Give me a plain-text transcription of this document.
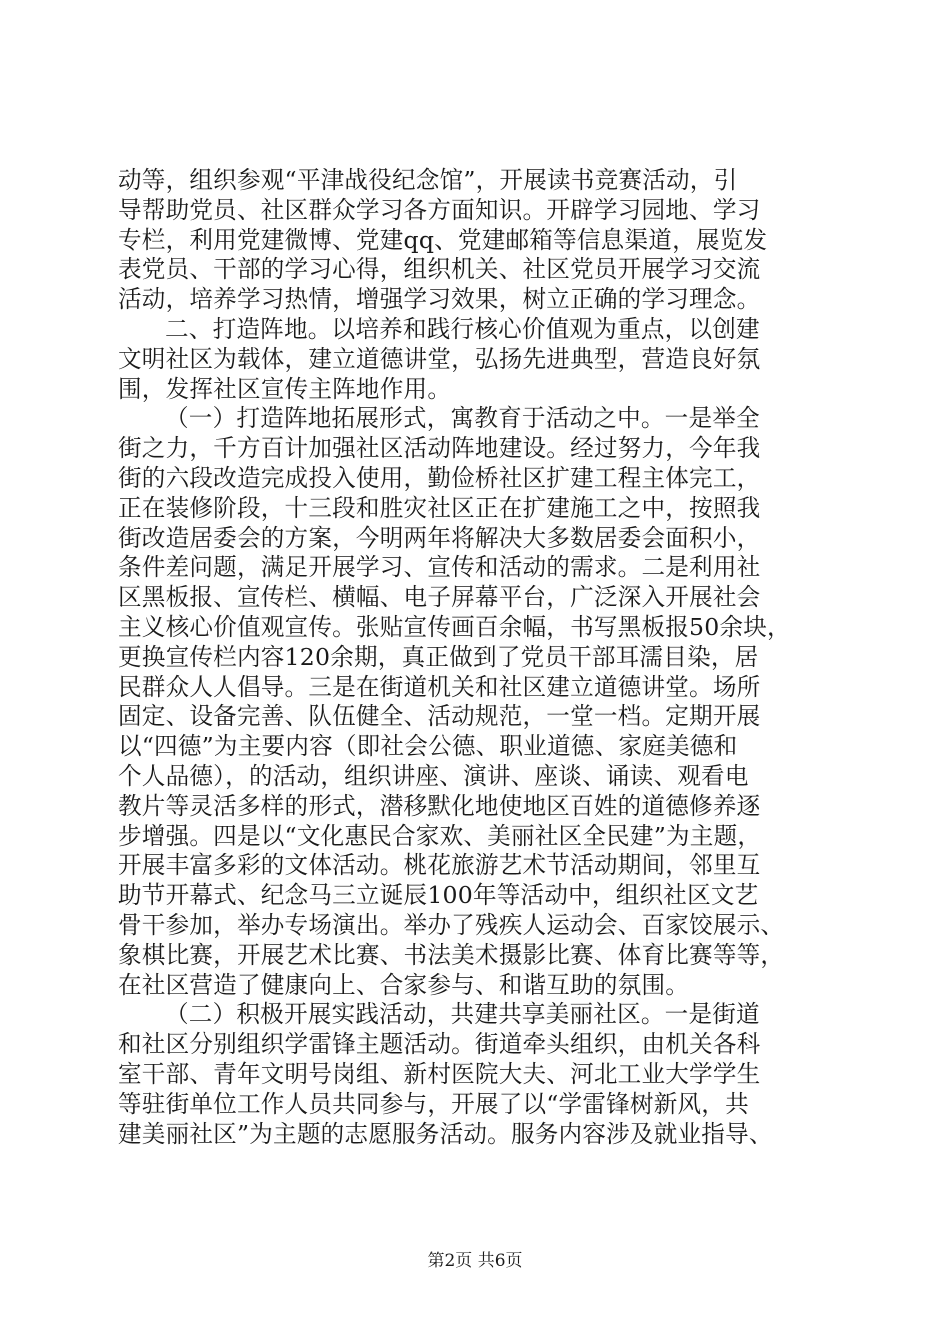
动等，组织参观“平津战役纪念馆”，开展读书竞赛活动，引
导帮助党员、社区群众学习各方面知识。开辟学习园地、学习
专栏，利用党建微博、党建qq、党建邮箱等信息渠道，展览发
表党员、干部的学习心得，组织机关、社区党员开展学习交流
活动，培养学习热情，增强学习效果，树立正确的学习理念。
二、打造阵地。以培养和践行核心价值观为重点，以创建
文明社区为载体，建立道德讲堂，弘扬先进典型，营造良好氛
围，发挥社区宣传主阵地作用。
（一）打造阵地拓展形式，寓教育于活动之中。一是举全
街之力，千方百计加强社区活动阵地建设。经过努力，今年我
街的六段改造完成投入使用，勤俭桥社区扩建工程主体完工，
正在装修阶段，十三段和胜灾社区正在扩建施工之中，按照我
街改造居委会的方案，今明两年将解决大多数居委会面积小，
条件差问题，满足开展学习、宣传和活动的需求。二是利用社
区黑板报、宣传栏、横幅、电子屏幕平台，广泛深入开展社会
主义核心价值观宣传。张贴宣传画百余幅，书写黑板报50余块，
更换宣传栏内容120余期，真正做到了党员干部耳濡目染，居
民群众人人倡导。三是在街道机关和社区建立道德讲堂。场所
固定、设备完善、队伍健全、活动规范，一堂一档。定期开展
以“四德”为主要内容（即社会公德、职业道德、家庭美德和
个人品德），的活动，组织讲座、演讲、座谈、诵读、观看电
教片等灵活多样的形式，潜移默化地使地区百姓的道德修养逐
步增强。四是以“文化惠民合家欢、美丽社区全民建”为主题，
开展丰富多彩的文体活动。桃花旅游艺术节活动期间，邻里互
助节开幕式、纪念马三立诞辰100年等活动中，组织社区文艺
骨干参加，举办专场演出。举办了残疾人运动会、百家饺展示、
象棋比赛，开展艺术比赛、书法美术摄影比赛、体育比赛等等，
在社区营造了健康向上、合家参与、和谐互助的氛围。
（二）积极开展实践活动，共建共享美丽社区。一是街道
和社区分别组织学雷锋主题活动。街道牵头组织，由机关各科
室干部、青年文明号岗组、新村医院大夫、河北工业大学学生
等驻街单位工作人员共同参与，开展了以“学雷锋树新风，共
建美丽社区”为主题的志愿服务活动。服务内容涉及就业指导、
第2页 共6页
